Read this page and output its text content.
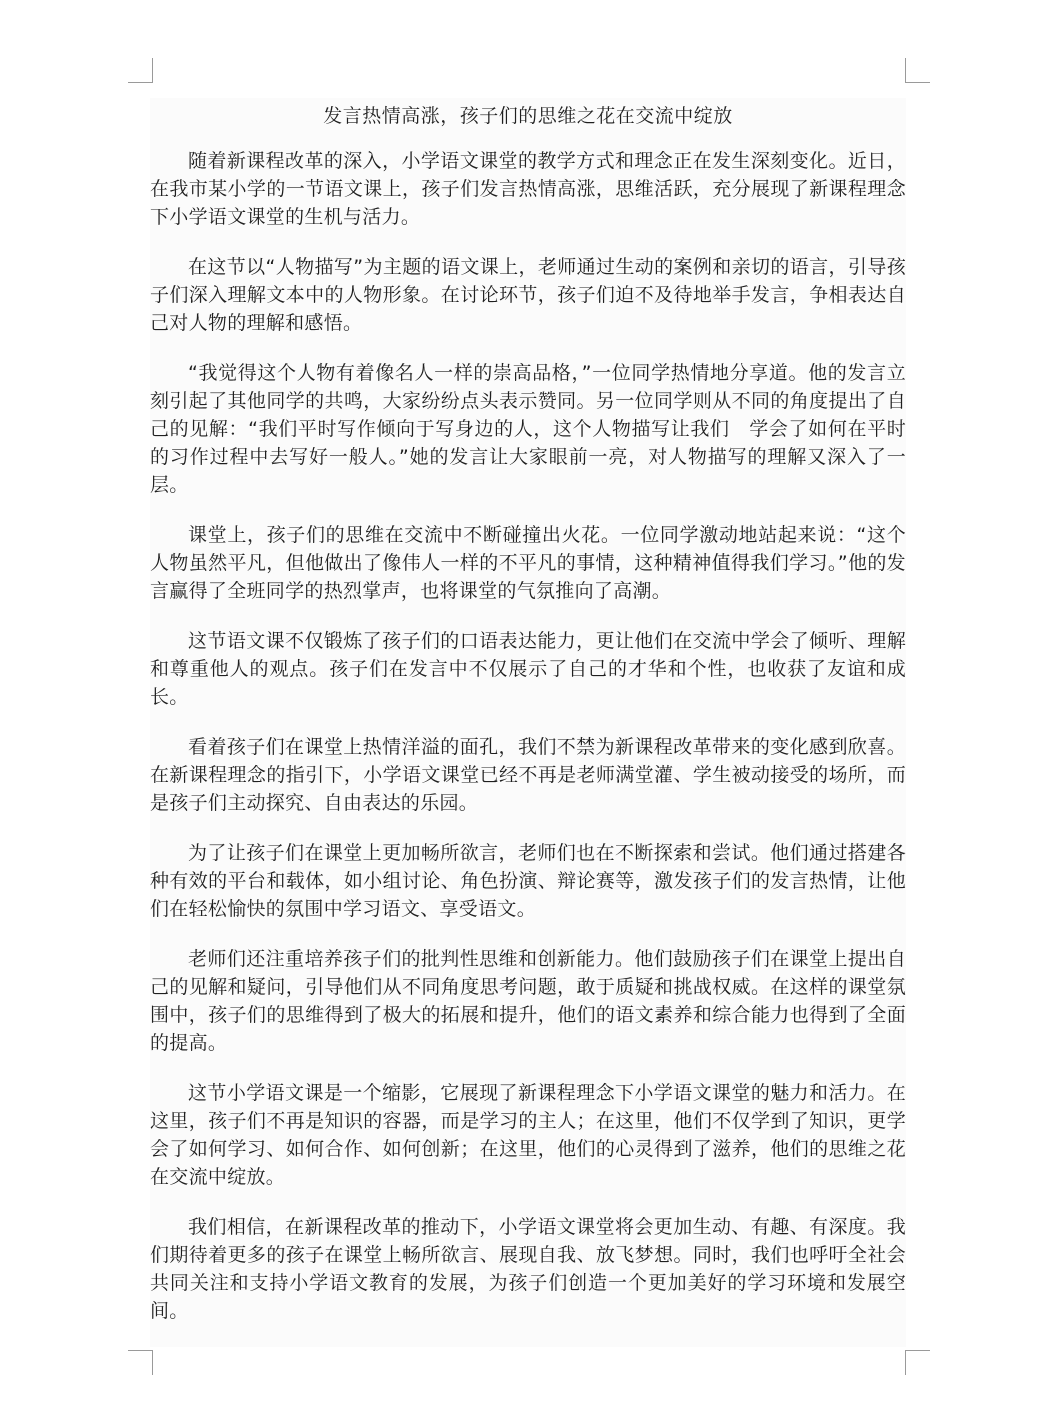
发言热情高涨，孩子们的思维之花在交流中绽放

随着新课程改革的深入，小学语文课堂的教学方式和理念正在发生深刻变化。近日，在我市某小学的一节语文课上，孩子们发言热情高涨，思维活跃，充分展现了新课程理念下小学语文课堂的生机与活力。

在这节以“人物描写”为主题的语文课上，老师通过生动的案例和亲切的语言，引导孩子们深入理解文本中的人物形象。在讨论环节，孩子们迫不及待地举手发言，争相表达自己对人物的理解和感悟。

“我觉得这个人物有着像名人一样的崇高品格，”一位同学热情地分享道。他的发言立刻引起了其他同学的共鸣，大家纷纷点头表示赞同。另一位同学则从不同的角度提出了自己的见解：“我们平时写作倾向于写身边的人，这个人物描写让我们　学会了如何在平时的习作过程中去写好一般人。”她的发言让大家眼前一亮，对人物描写的理解又深入了一层。

课堂上，孩子们的思维在交流中不断碰撞出火花。一位同学激动地站起来说：“这个人物虽然平凡，但他做出了像伟人一样的不平凡的事情，这种精神值得我们学习。”他的发言赢得了全班同学的热烈掌声，也将课堂的气氛推向了高潮。

这节语文课不仅锻炼了孩子们的口语表达能力，更让他们在交流中学会了倾听、理解和尊重他人的观点。孩子们在发言中不仅展示了自己的才华和个性，也收获了友谊和成长。

看着孩子们在课堂上热情洋溢的面孔，我们不禁为新课程改革带来的变化感到欣喜。在新课程理念的指引下，小学语文课堂已经不再是老师满堂灌、学生被动接受的场所，而是孩子们主动探究、自由表达的乐园。

为了让孩子们在课堂上更加畅所欲言，老师们也在不断探索和尝试。他们通过搭建各种有效的平台和载体，如小组讨论、角色扮演、辩论赛等，激发孩子们的发言热情，让他们在轻松愉快的氛围中学习语文、享受语文。

老师们还注重培养孩子们的批判性思维和创新能力。他们鼓励孩子们在课堂上提出自己的见解和疑问，引导他们从不同角度思考问题，敢于质疑和挑战权威。在这样的课堂氛围中，孩子们的思维得到了极大的拓展和提升，他们的语文素养和综合能力也得到了全面的提高。

这节小学语文课是一个缩影，它展现了新课程理念下小学语文课堂的魅力和活力。在这里，孩子们不再是知识的容器，而是学习的主人；在这里，他们不仅学到了知识，更学会了如何学习、如何合作、如何创新；在这里，他们的心灵得到了滋养，他们的思维之花在交流中绽放。

我们相信，在新课程改革的推动下，小学语文课堂将会更加生动、有趣、有深度。我们期待着更多的孩子在课堂上畅所欲言、展现自我、放飞梦想。同时，我们也呼吁全社会共同关注和支持小学语文教育的发展，为孩子们创造一个更加美好的学习环境和发展空间。
